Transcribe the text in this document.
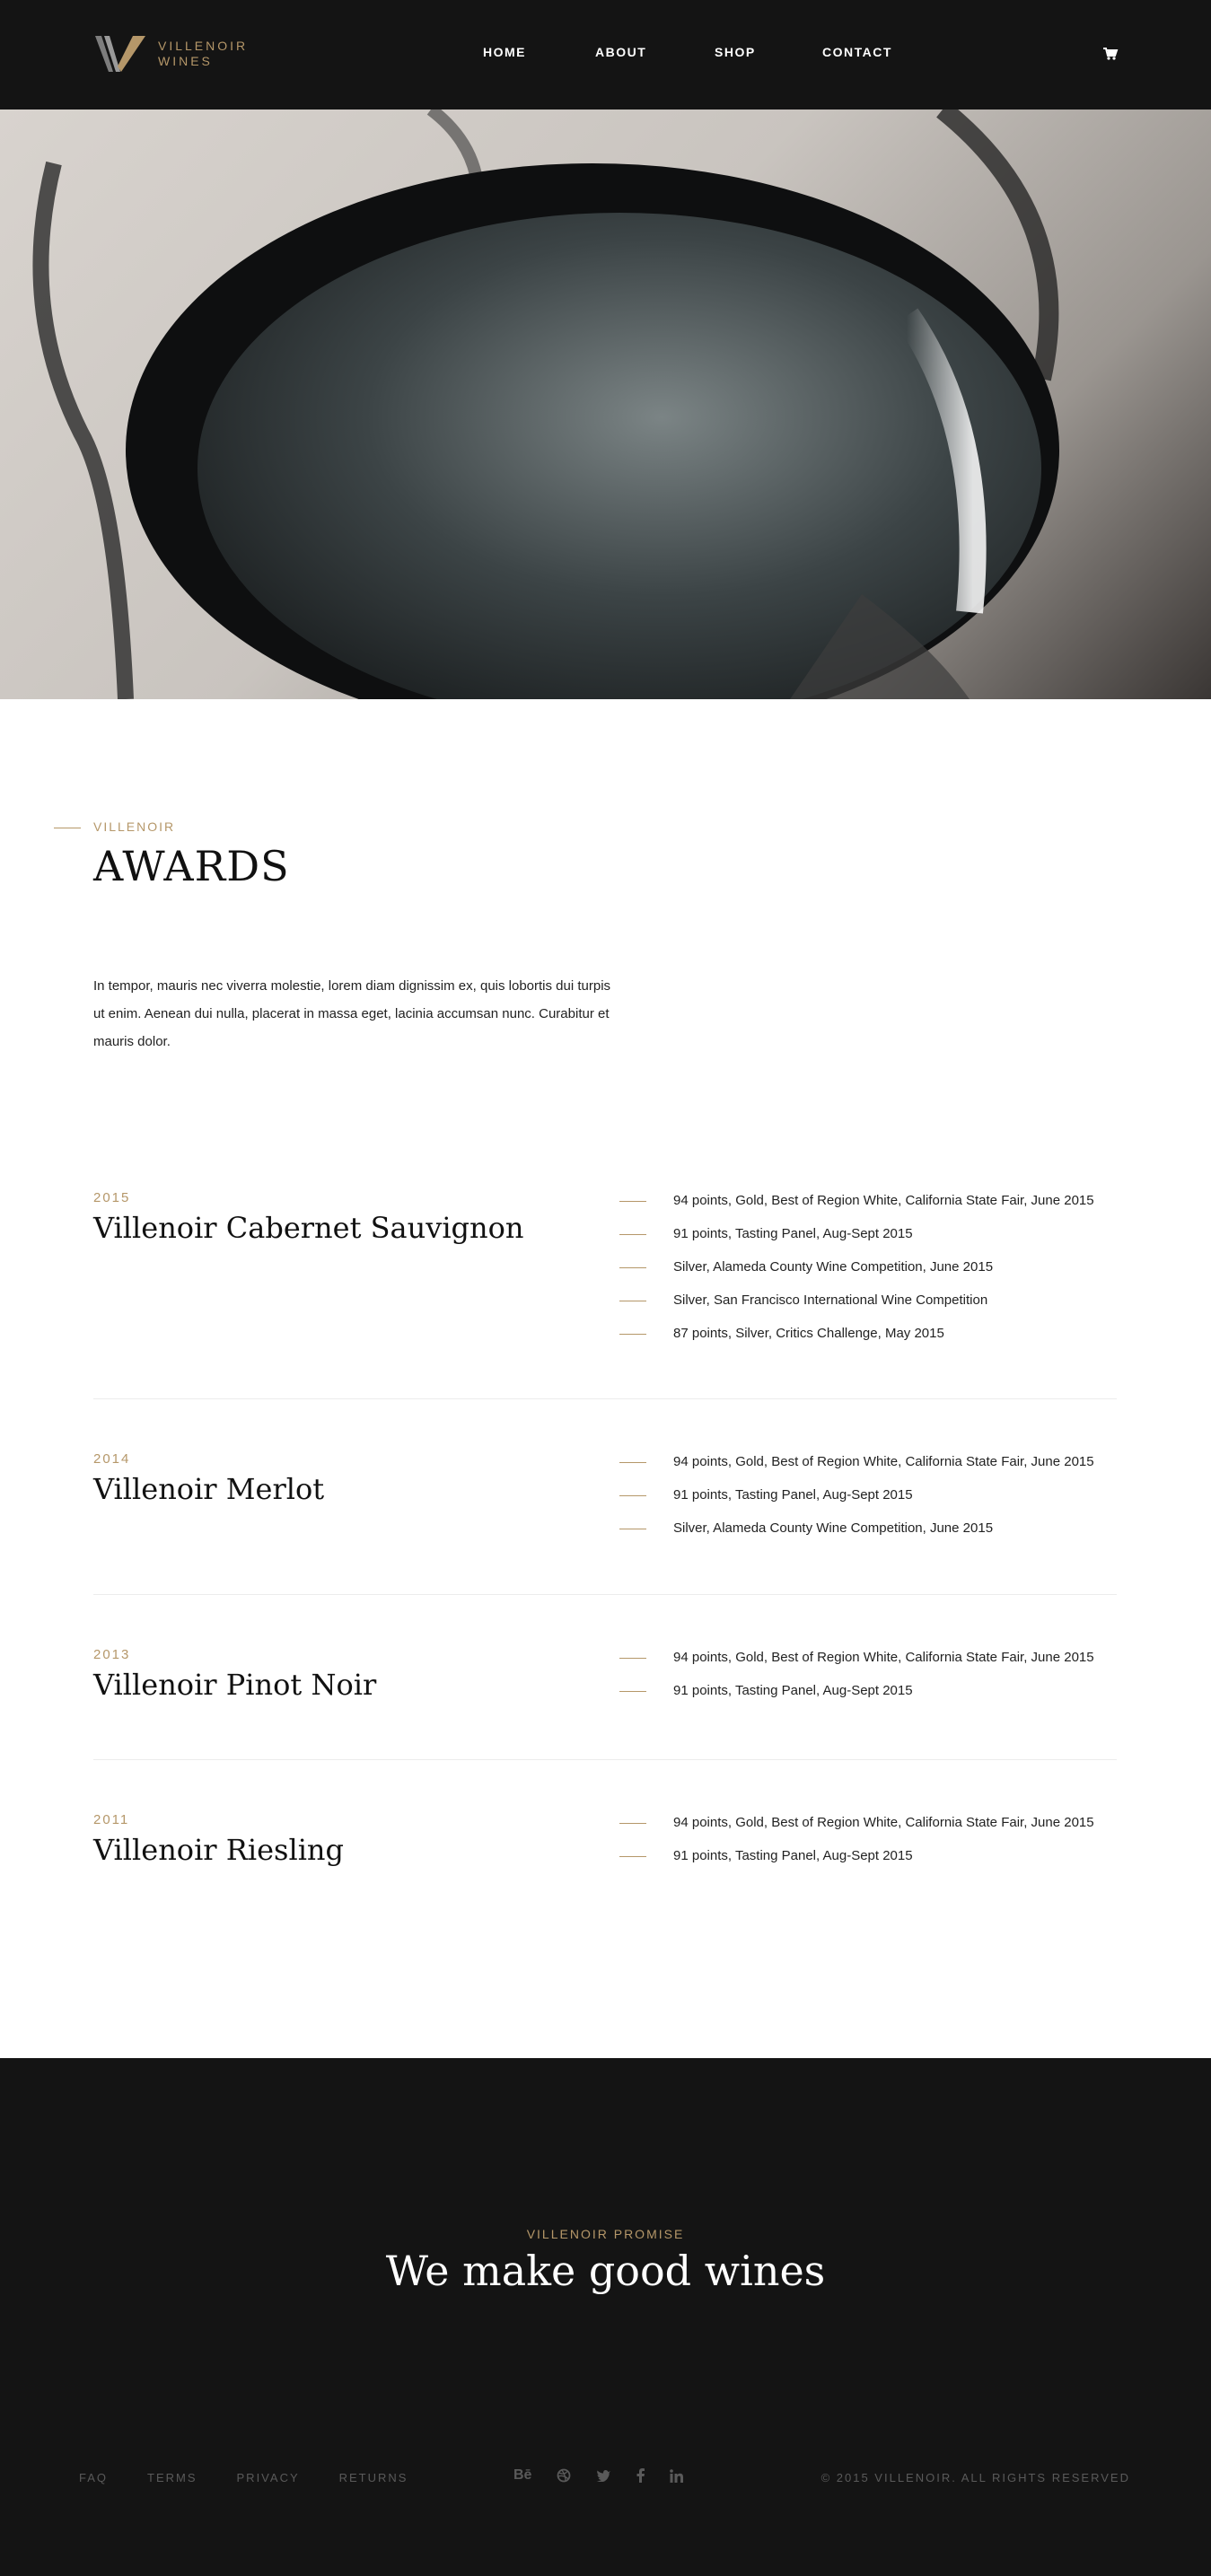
VILLENOIR
WINES
HOME	ABOUT	SHOP	CONTACT
VILLENOIR
AWARDS

In tempor, mauris nec viverra molestie, lorem diam dignissim ex, quis lobortis dui turpis ut enim. Aenean dui nulla, placerat in massa eget, lacinia accumsan nunc. Curabitur et mauris dolor.

2015
Villenoir Cabernet Sauvignon
94 points, Gold, Best of Region White, California State Fair, June 2015
91 points, Tasting Panel, Aug-Sept 2015
Silver, Alameda County Wine Competition, June 2015
Silver, San Francisco International Wine Competition
87 points, Silver, Critics Challenge, May 2015
2014
Villenoir Merlot
94 points, Gold, Best of Region White, California State Fair, June 2015
91 points, Tasting Panel, Aug-Sept 2015
Silver, Alameda County Wine Competition, June 2015
2013
Villenoir Pinot Noir
94 points, Gold, Best of Region White, California State Fair, June 2015
91 points, Tasting Panel, Aug-Sept 2015
2011
Villenoir Riesling
94 points, Gold, Best of Region White, California State Fair, June 2015
91 points, Tasting Panel, Aug-Sept 2015
VILLENOIR PROMISE
We make good wines
FAQ	TERMS	PRIVACY	RETURNS	Bē	© 2015 VILLENOIR. ALL RIGHTS RESERVED
